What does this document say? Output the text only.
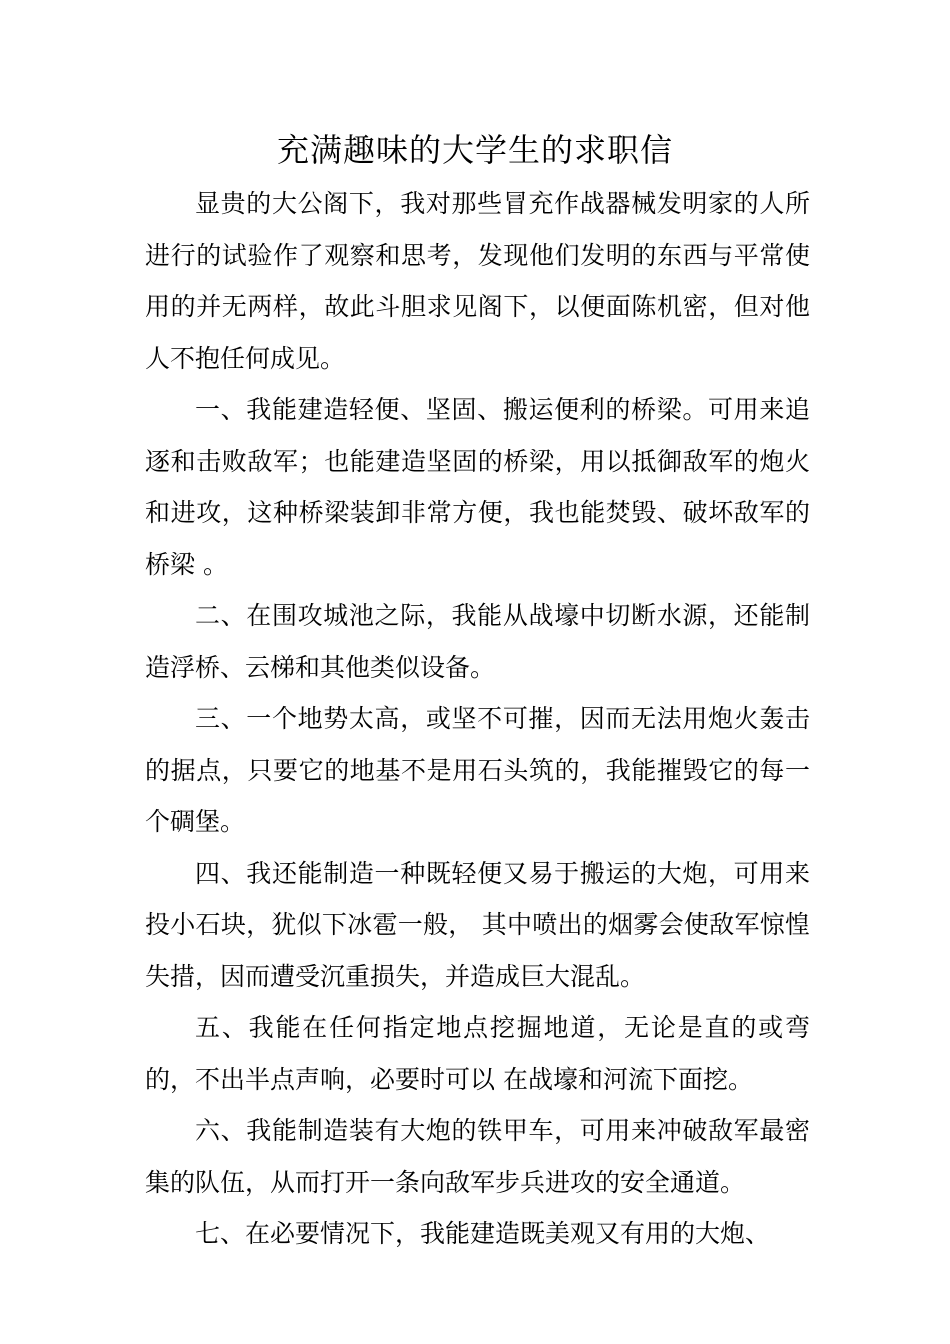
充满趣味的大学生的求职信

显贵的大公阁下，我对那些冒充作战器械发明家的人所进行的试验作了观察和思考，发现他们发明的东西与平常使用的并无两样，故此斗胆求见阁下，以便面陈机密，但对他人不抱任何成见。

一、我能建造轻便、坚固、搬运便利的桥梁。可用来追逐和击败敌军；也能建造坚固的桥梁，用以抵御敌军的炮火和进攻，这种桥梁装卸非常方便，我也能焚毁、破坏敌军的桥梁 。

二、在围攻城池之际，我能从战壕中切断水源，还能制造浮桥、云梯和其他类似设备。

三、一个地势太高，或坚不可摧，因而无法用炮火轰击的据点，只要它的地基不是用石头筑的，我能摧毁它的每一个碉堡。

四、我还能制造一种既轻便又易于搬运的大炮，可用来投小石块，犹似下冰雹一般， 其中喷出的烟雾会使敌军惊惶失措，因而遭受沉重损失，并造成巨大混乱。

五、我能在任何指定地点挖掘地道，无论是直的或弯的，不出半点声响，必要时可以 在战壕和河流下面挖。

六、我能制造装有大炮的铁甲车，可用来冲破敌军最密集的队伍，从而打开一条向敌军步兵进攻的安全通道。

七、在必要情况下，我能建造既美观又有用的大炮、
